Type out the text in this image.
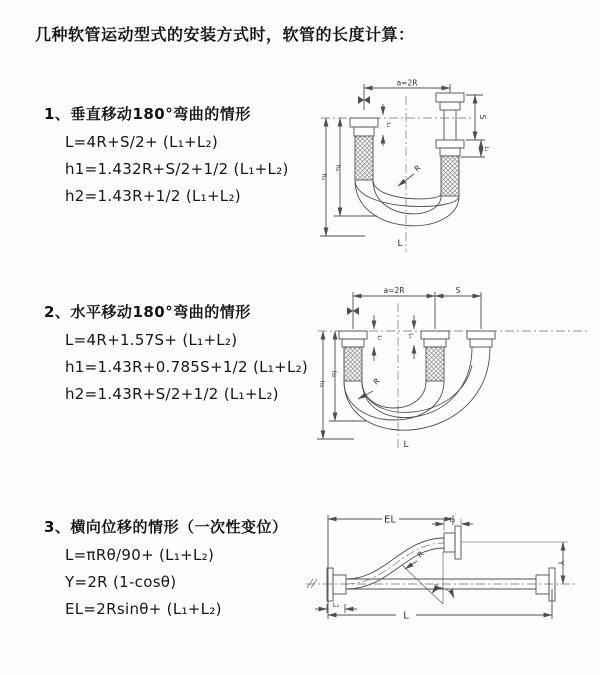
几种软管运动型式的安装方式时，软管的长度计算：
1、垂直移动180°弯曲的情形

L=4R+S/2+ (L₁+L₂)

h1=1.432R+S/2+1/2 (L₁+L₂)

h2=1.43R+1/2 (L₁+L₂)

2、水平移动180°弯曲的情形

L=4R+1.57S+ (L₁+L₂)

h1=1.43R+0.785S+1/2 (L₁+L₂)

h2=1.43R+S/2+1/2 (L₁+L₂)

3、横向位移的情形（一次性变位）

L=πRθ/90+ (L₁+L₂)

Y=2R (1-cosθ)

EL=2Rsinθ+ (L₁+L₂)

a=2R
S
L₁
L₁
h₁
h₂	R
L
a=2R	S
L₁	L₁
h₁
h₂
R
L
EL	L₁
Y
R
θ
L₂
L
